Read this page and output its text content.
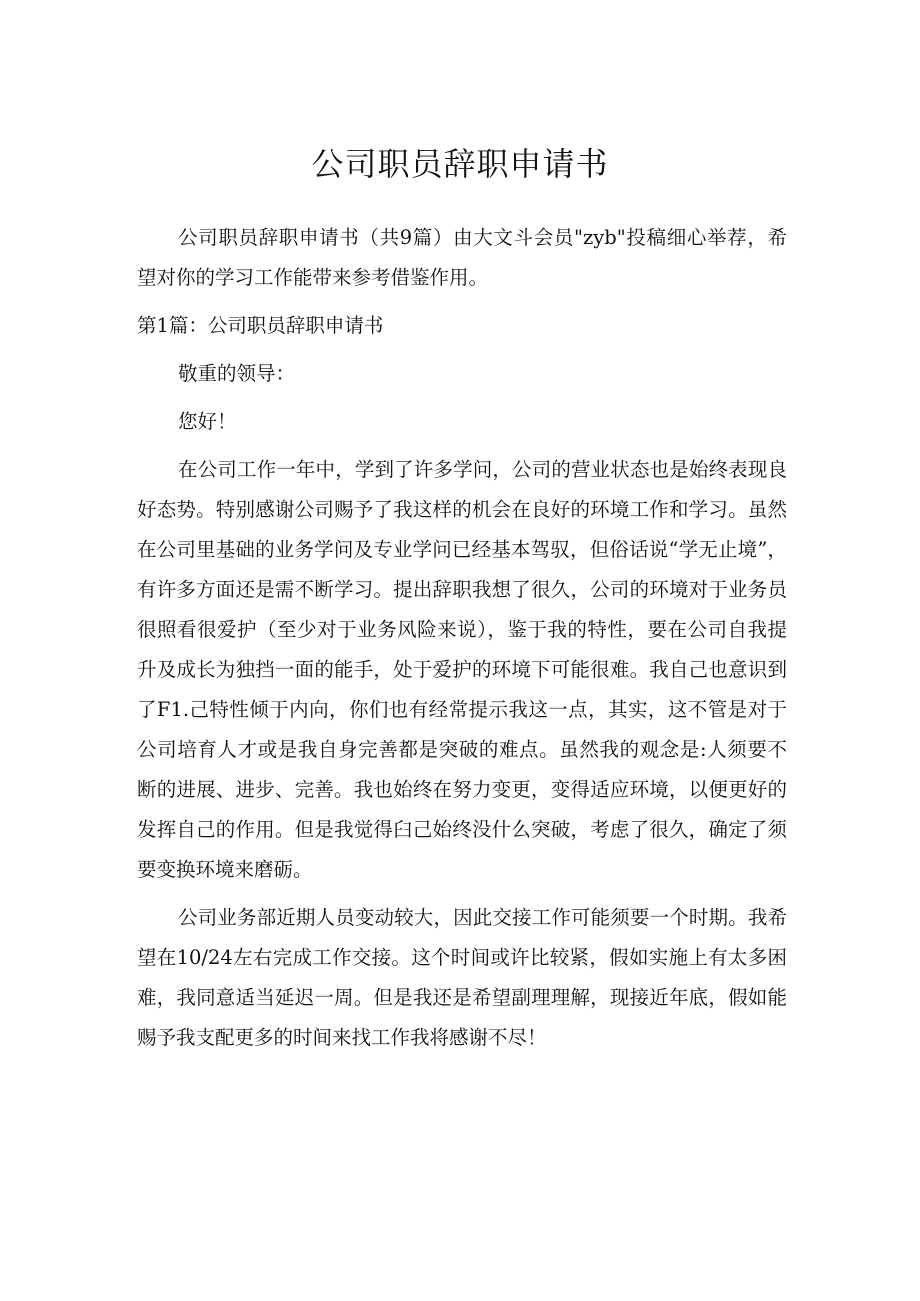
公司职员辞职申请书

公司职员辞职申请书（共9篇）由大文斗会员"zyb"投稿细心举荐，希望对你的学习工作能带来参考借鉴作用。

第1篇：公司职员辞职申请书

敬重的领导：

您好！

在公司工作一年中，学到了许多学问，公司的营业状态也是始终表现良好态势。特别感谢公司赐予了我这样的机会在良好的环境工作和学习。虽然在公司里基础的业务学问及专业学问已经基本驾驭，但俗话说“学无止境”，有许多方面还是需不断学习。提出辞职我想了很久，公司的环境对于业务员很照看很爱护（至少对于业务风险来说），鉴于我的特性，要在公司自我提升及成长为独挡一面的能手，处于爱护的环境下可能很难。我自己也意识到了F1.己特性倾于内向，你们也有经常提示我这一点，其实，这不管是对于公司培育人才或是我自身完善都是突破的难点。虽然我的观念是:人须要不断的进展、进步、完善。我也始终在努力变更，变得适应环境，以便更好的发挥自己的作用。但是我觉得臼己始终没什么突破，考虑了很久，确定了须要变换环境来磨砺。

公司业务部近期人员变动较大，因此交接工作可能须要一个时期。我希望在10/24左右完成工作交接。这个时间或许比较紧，假如实施上有太多困难，我同意适当延迟一周。但是我还是希望副理理解，现接近年底，假如能赐予我支配更多的时间来找工作我将感谢不尽！
